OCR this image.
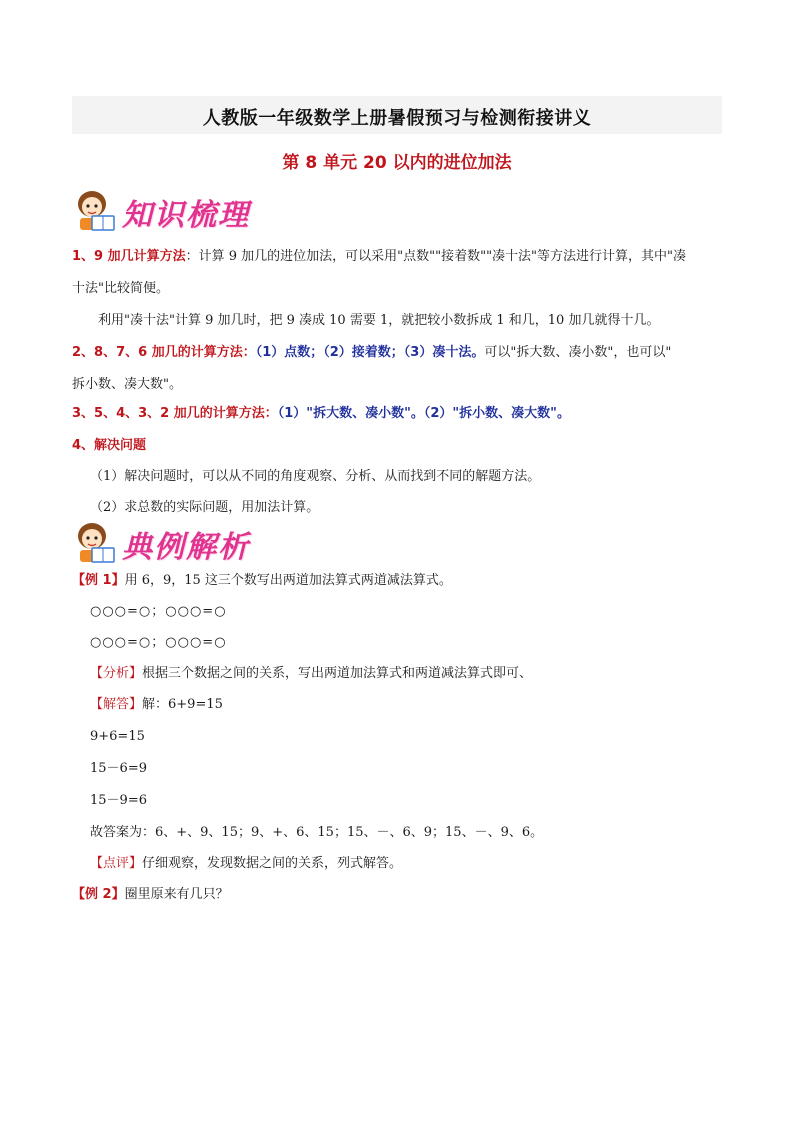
人教版一年级数学上册暑假预习与检测衔接讲义
第 8 单元 20 以内的进位加法
知识梳理
1、9 加几计算方法：计算 9 加几的进位加法，可以采用"点数""接着数""凑十法"等方法进行计算，其中"凑
十法"比较简便。
利用"凑十法"计算 9 加几时，把 9 凑成 10 需要 1，就把较小数拆成 1 和几，10 加几就得十几。
2、8、7、6 加几的计算方法：（1）点数；（2）接着数；（3）凑十法。可以"拆大数、凑小数"，也可以"
拆小数、凑大数"。
3、5、4、3、2 加几的计算方法：（1）"拆大数、凑小数"。（2）"拆小数、凑大数"。
4、解决问题
（1）解决问题时，可以从不同的角度观察、分析、从而找到不同的解题方法。
（2）求总数的实际问题，用加法计算。
典例解析
【例 1】用 6，9，15 这三个数写出两道加法算式两道减法算式。
○○○=○；○○○=○
○○○=○；○○○=○
【分析】根据三个数据之间的关系，写出两道加法算式和两道减法算式即可、
【解答】解：6+9=15
9+6=15
15－6=9
15－9=6
故答案为：6、+、9、15；9、+、6、15；15、－、6、9；15、－、9、6。
【点评】仔细观察，发现数据之间的关系，列式解答。
【例 2】圈里原来有几只？
